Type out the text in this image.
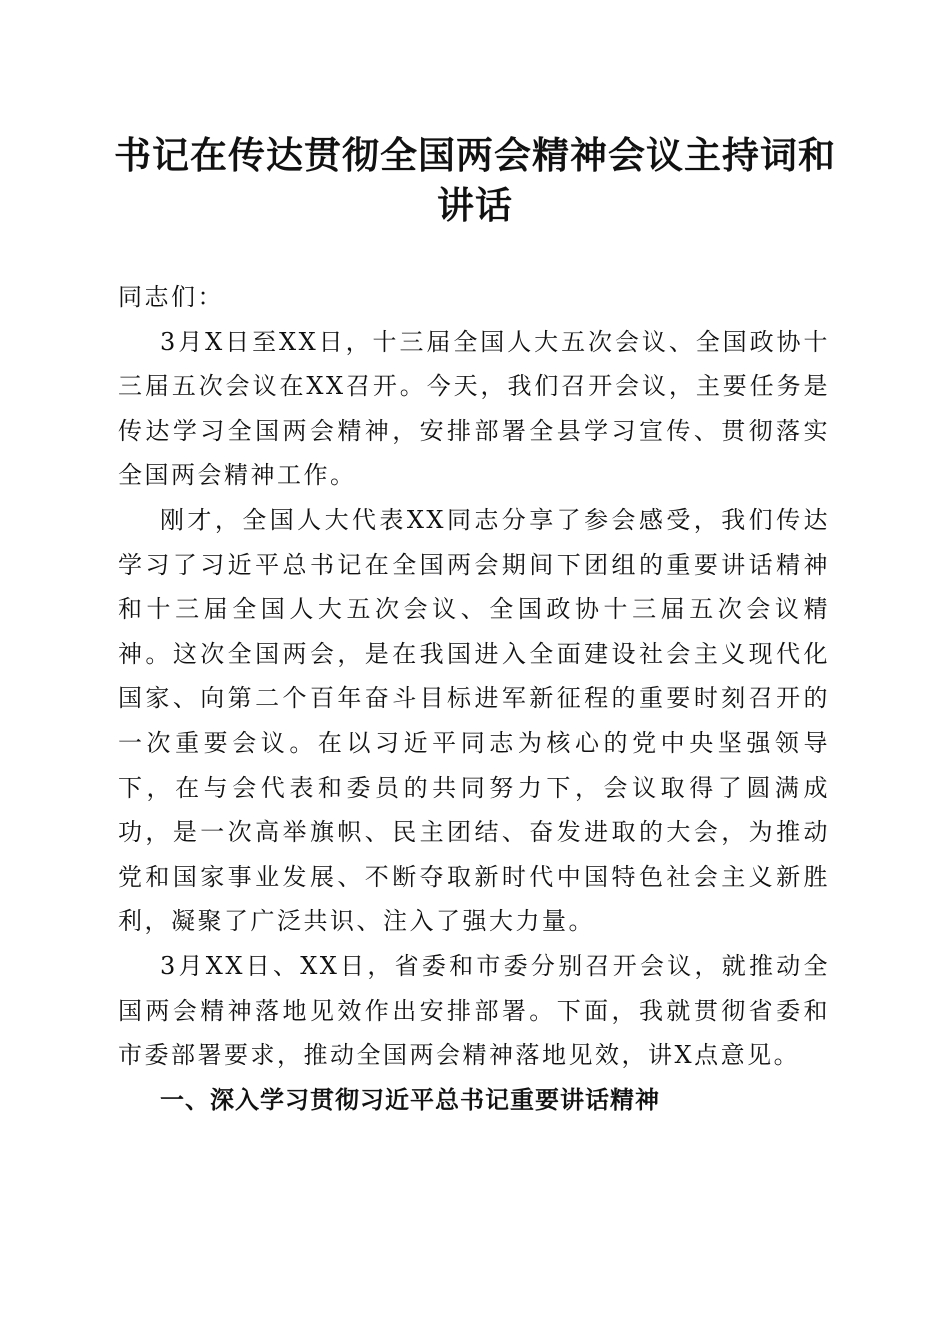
书记在传达贯彻全国两会精神会议主持词和讲话

同志们：

3月X日至XX日，十三届全国人大五次会议、全国政协十三届五次会议在XX召开。今天，我们召开会议，主要任务是传达学习全国两会精神，安排部署全县学习宣传、贯彻落实全国两会精神工作。

刚才，全国人大代表XX同志分享了参会感受，我们传达学习了习近平总书记在全国两会期间下团组的重要讲话精神和十三届全国人大五次会议、全国政协十三届五次会议精神。这次全国两会，是在我国进入全面建设社会主义现代化国家、向第二个百年奋斗目标进军新征程的重要时刻召开的一次重要会议。在以习近平同志为核心的党中央坚强领导下，在与会代表和委员的共同努力下，会议取得了圆满成功，是一次高举旗帜、民主团结、奋发进取的大会，为推动党和国家事业发展、不断夺取新时代中国特色社会主义新胜利，凝聚了广泛共识、注入了强大力量。

3月XX日、XX日，省委和市委分别召开会议，就推动全国两会精神落地见效作出安排部署。下面，我就贯彻省委和市委部署要求，推动全国两会精神落地见效，讲X点意见。

一、深入学习贯彻习近平总书记重要讲话精神
